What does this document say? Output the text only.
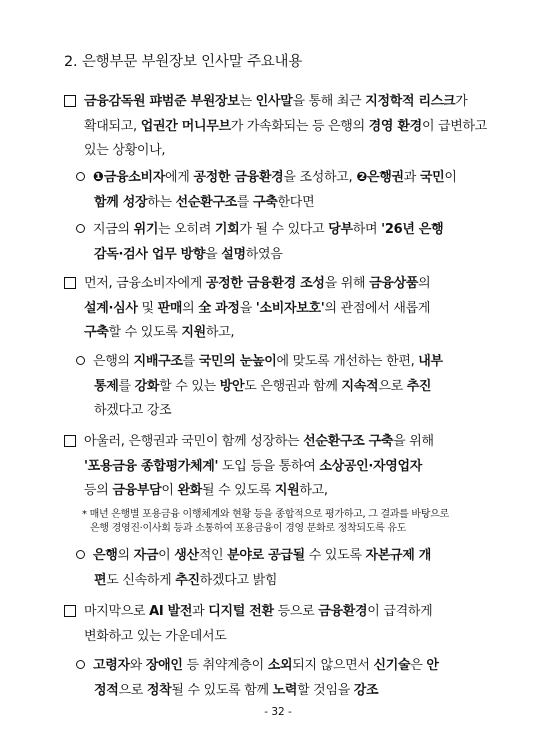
2. 은행부문 부원장보 인사말 주요내용
금융감독원 퍄범준 부원장보는 인사말을 통해 최근 지정학적 리스크가
확대되고, 업권간 머니무브가 가속화되는 등 은행의 경영 환경이 급변하고
있는 상황이나,
❶금융소비자에게 공정한 금융환경을 조성하고, ❷은행권과 국민이
함께 성장하는 선순환구조를 구축한다면
지금의 위기는 오히려 기회가 될 수 있다고 당부하며 '26년 은행
감독·검사 업무 방향을 설명하였음
먼저, 금융소비자에게 공정한 금융환경 조성을 위해 금융상품의
설계·심사 및 판매의 全 과정을 '소비자보호'의 관점에서 새롭게
구축할 수 있도록 지원하고,
은행의 지배구조를 국민의 눈높이에 맞도록 개선하는 한편, 내부
통제를 강화할 수 있는 방안도 은행권과 함께 지속적으로 추진
하겠다고 강조
아울러, 은행권과 국민이 함께 성장하는 선순환구조 구축을 위해
'포용금융 종합평가체계' 도입 등을 통하여 소상공인·자영업자
등의 금융부담이 완화될 수 있도록 지원하고,
* 매년 은행별 포용금융 이행체계와 현황 등을 종합적으로 평가하고, 그 결과를 바탕으로
은행 경영진·이사회 등과 소통하여 포용금융이 경영 문화로 정착되도록 유도
은행의 자금이 생산적인 분야로 공급될 수 있도록 자본규제 개
편도 신속하게 추진하겠다고 밝힘
마지막으로 AI 발전과 디지털 전환 등으로 금융환경이 급격하게
변화하고 있는 가운데서도
고령자와 장애인 등 취약계층이 소외되지 않으면서 신기술은 안
정적으로 정착될 수 있도록 함께 노력할 것임을 강조
- 32 -
